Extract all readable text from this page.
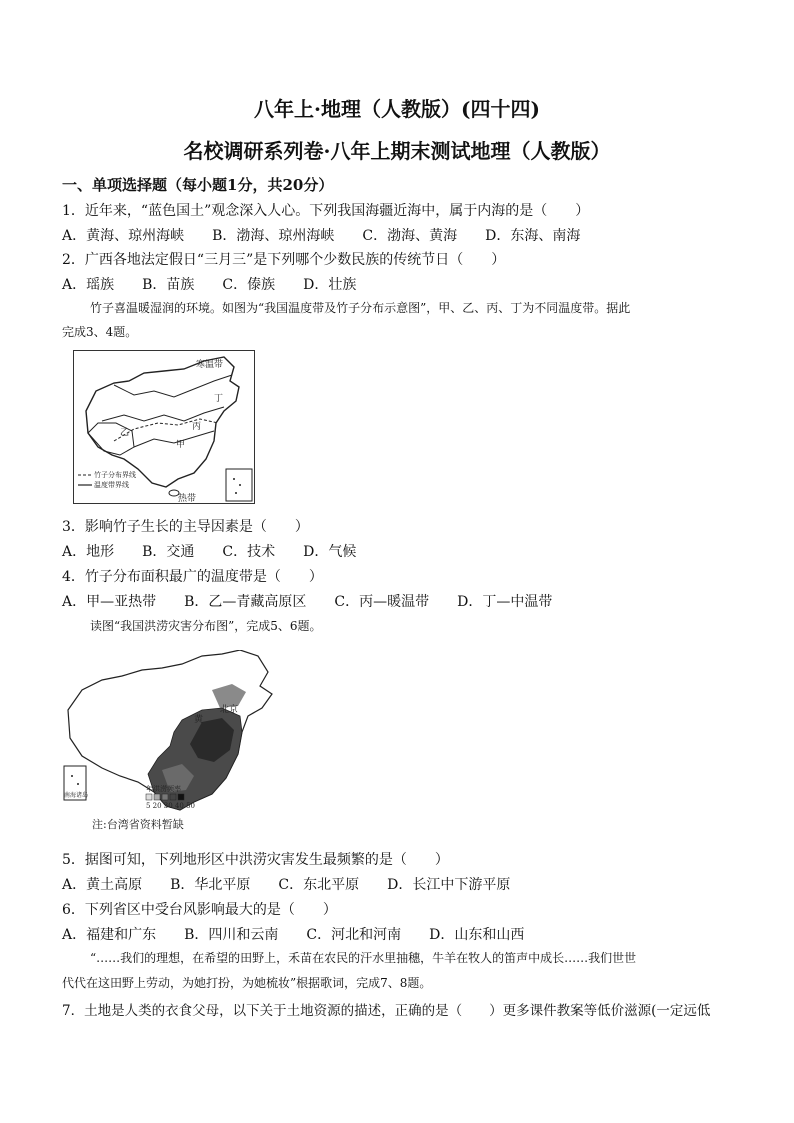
八年上·地理（人教版）(四十四)
名校调研系列卷·八年上期末测试地理（人教版）
一、单项选择题（每小题1分，共20分）
1．近年来，“蓝色国土”观念深入人心。下列我国海疆近海中，属于内海的是（　　）
A．黄海、琼州海峡　　B．渤海、琼州海峡　　C．渤海、黄海　　D．东海、南海
2．广西各地法定假日“三月三”是下列哪个少数民族的传统节日（　　）
A．瑶族　　B．苗族　　C．傣族　　D．壮族
竹子喜温暖湿润的环境。如图为“我国温度带及竹子分布示意图”，甲、乙、丙、丁为不同温度带。据此
完成3、4题。
寒温带
丁
丙
乙
甲
热带
竹子分布界线
温度带界线
3．影响竹子生长的主导因素是（　　）
A．地形　　B．交通　　C．技术　　D．气候
4．竹子分布面积最广的温度带是（　　）
A．甲—亚热带　　B．乙—青藏高原区　　C．丙—暖温带　　D．丁—中温带
读图“我国洪涝灾害分布图”，完成5、6题。
北京
黄
年洪涝频率
5 20 30 40 50
南海诸岛
注:台湾省资料暂缺
5．据图可知，下列地形区中洪涝灾害发生最频繁的是（　　）
A．黄土高原　　B．华北平原　　C．东北平原　　D．长江中下游平原
6．下列省区中受台风影响最大的是（　　）
A．福建和广东　　B．四川和云南　　C．河北和河南　　D．山东和山西
“……我们的理想，在希望的田野上，禾苗在农民的汗水里抽穗，牛羊在牧人的笛声中成长……我们世世
代代在这田野上劳动，为她打扮，为她梳妆”根据歌词，完成7、8题。
7．土地是人类的衣食父母，以下关于土地资源的描述，正确的是（　　）更多课件教案等低价滋源(一定远低
